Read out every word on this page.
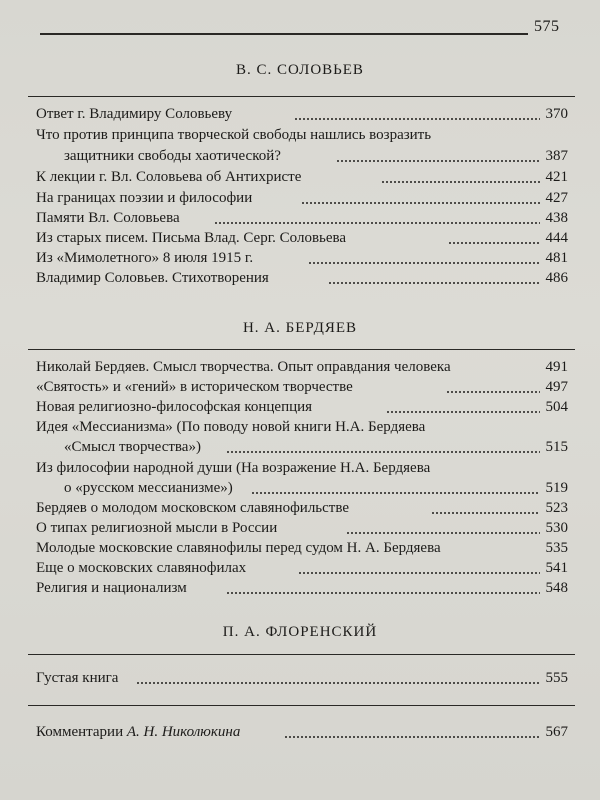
575
В. С. СОЛОВЬЕВ
Ответ г. Владимиру Соловьеву	370
Что против принципа творческой свободы нашлись возразить
защитники свободы хаотической?	387
К лекции г. Вл. Соловьева об Антихристе	421
На границах поэзии и философии	427
Памяти Вл. Соловьева	438
Из старых писем. Письма Влад. Серг. Соловьева	444
Из «Мимолетного» 8 июля 1915 г.	481
Владимир Соловьев. Стихотворения	486
Н. А. БЕРДЯЕВ
Николай Бердяев. Смысл творчества. Опыт оправдания человека	491
«Святость» и «гений» в историческом творчестве	497
Новая религиозно-философская концепция	504
Идея «Мессианизма» (По поводу новой книги Н.А. Бердяева
«Смысл творчества»)	515
Из философии народной души (На возражение Н.А. Бердяева
о «русском мессианизме»)	519
Бердяев о молодом московском славянофильстве	523
О типах религиозной мысли в России	530
Молодые московские славянофилы перед судом Н. А. Бердяева	535
Еще о московских славянофилах	541
Религия и национализм	548
П. А. ФЛОРЕНСКИЙ
Густая книга	555
Комментарии А. Н. Николюкина	567
